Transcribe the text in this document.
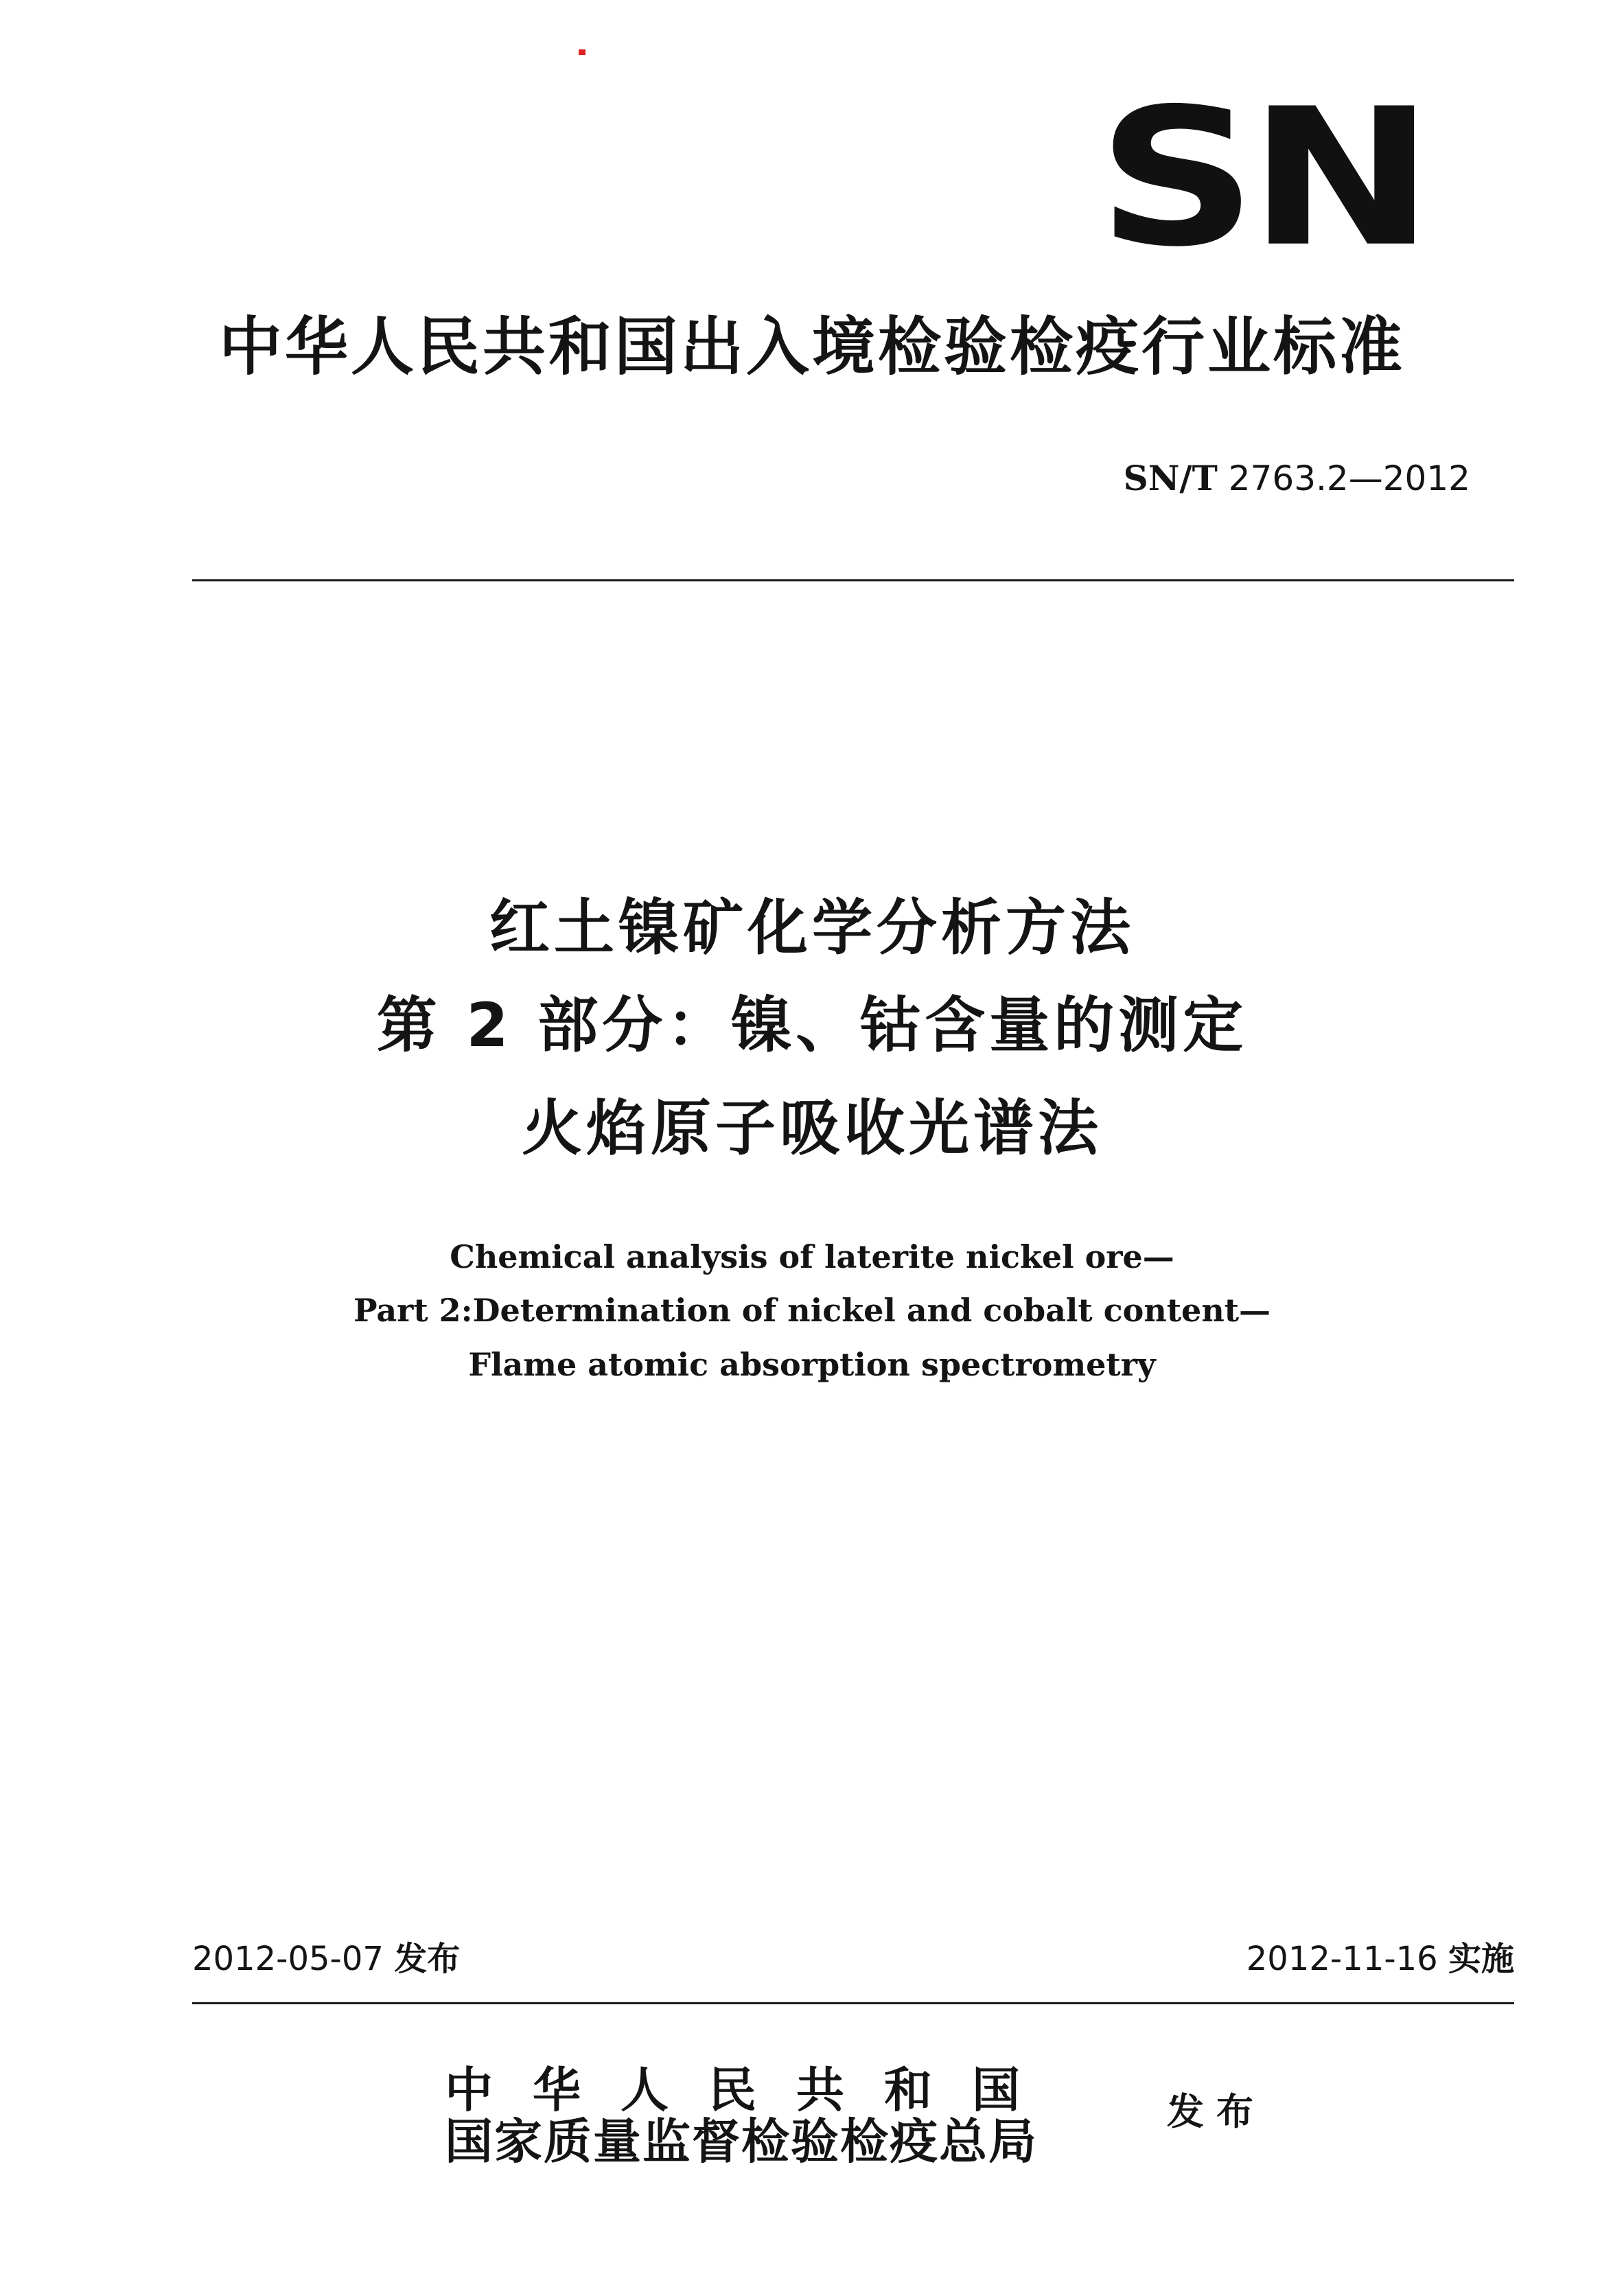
SN
中华人民共和国出入境检验检疫行业标准
SN/T 2763.2—2012
红土镍矿化学分析方法
第 2 部分：镍、钴含量的测定
火焰原子吸收光谱法
Chemical analysis of laterite nickel ore—
Part 2:Determination of nickel and cobalt content—
Flame atomic absorption spectrometry
2012-05-07 发布	2012-11-16 实施
中华人民共和国
国家质量监督检验检疫总局
发布
